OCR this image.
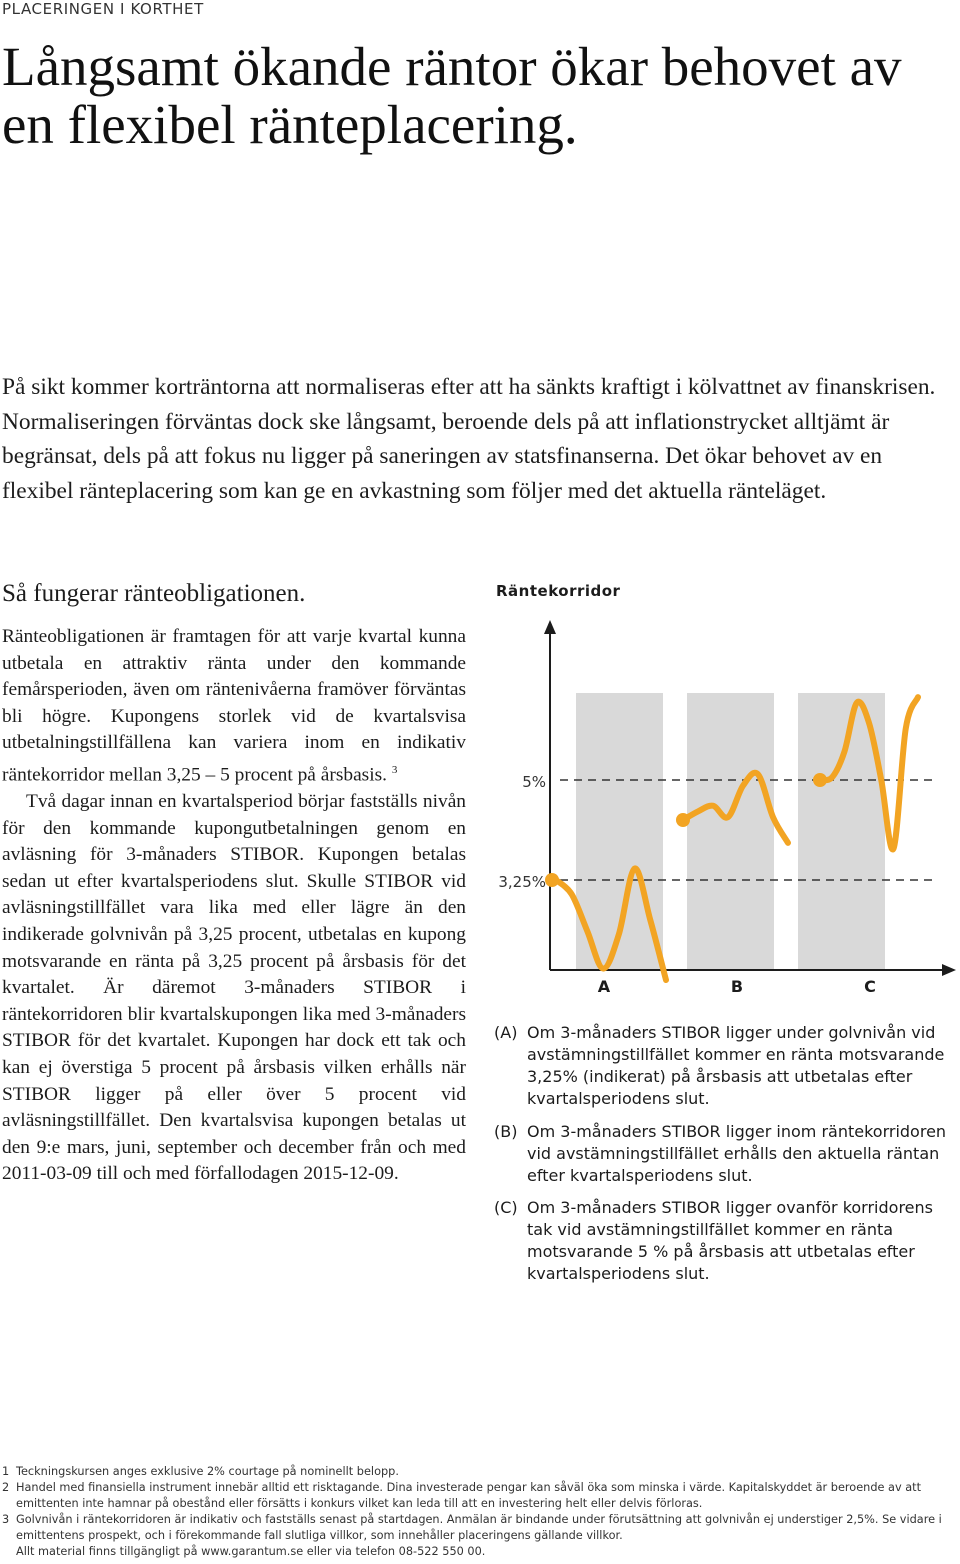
PLACERINGEN I KORTHET
Långsamt ökande räntor ökar behovet av en flexibel ränteplacering.

På sikt kommer korträntorna att normaliseras efter att ha sänkts kraftigt i kölvattnet av finanskrisen. Normaliseringen förväntas dock ske långsamt, beroende dels på att inflationstrycket alltjämt är begränsat, dels på att fokus nu ligger på saneringen av statsfinanserna. Det ökar behovet av en flexibel ränteplacering som kan ge en avkastning som följer med det aktuella ränteläget.

Så fungerar ränteobligationen.

Ränteobligationen är framtagen för att varje kvartal kunna utbetala en attraktiv ränta under den kommande femårsperioden, även om räntenivåerna framöver förväntas bli högre. Kupongens storlek vid de kvartalsvisa utbetalningstillfällena kan variera inom en indikativ räntekorridor mellan 3,25 – 5 procent på årsbasis. $^3$

Två dagar innan en kvartalsperiod börjar fastställs nivån för den kommande kupongutbetalningen genom en avläsning för 3-månaders STIBOR. Kupongen betalas sedan ut efter kvartalsperiodens slut. Skulle STIBOR vid avläsningstillfället vara lika med eller lägre än den indikerade golvnivån på 3,25 procent, utbetalas en kupong motsvarande en ränta på 3,25 procent på årsbasis för det kvartalet. Är däremot 3-månaders STIBOR i räntekorridoren blir kvartalskupongen lika med 3-månaders STIBOR för det kvartalet. Kupongen har dock ett tak och kan ej överstiga 5 procent på årsbasis vilken erhålls när STIBOR ligger på eller över 5 procent vid avläsningstillfället. Den kvartalsvisa kupongen betalas ut den 9:e mars, juni, september och december från och med 2011-03-09 till och med förfallodagen 2015-12-09.

Räntekorridor
5%
3,25%
A	B	C
(A) Om 3-månaders STIBOR ligger under golvnivån vid avstämningstillfället kommer en ränta motsvarande 3,25% (indikerat) på årsbasis att utbetalas efter kvartalsperiodens slut.
(B) Om 3-månaders STIBOR ligger inom räntekorridoren vid avstämningstillfället erhålls den aktuella räntan efter kvartalsperiodens slut.
(C) Om 3-månaders STIBOR ligger ovanför korridorens tak vid avstämningstillfället kommer en ränta motsvarande 5 % på årsbasis att utbetalas efter kvartalsperiodens slut.
1 Teckningskursen anges exklusive 2% courtage på nominellt belopp.
2 Handel med finansiella instrument innebär alltid ett risktagande. Dina investerade pengar kan såväl öka som minska i värde. Kapitalskyddet är beroende av att emittenten inte hamnar på obestånd eller försätts i konkurs vilket kan leda till att en investering helt eller delvis förloras.
3 Golvnivån i räntekorridoren är indikativ och fastställs senast på startdagen. Anmälan är bindande under förutsättning att golvnivån ej understiger 2,5%. Se vidare i emittentens prospekt, och i förekommande fall slutliga villkor, som innehåller placeringens gällande villkor.
Allt material finns tillgängligt på www.garantum.se eller via telefon 08-522 550 00.
